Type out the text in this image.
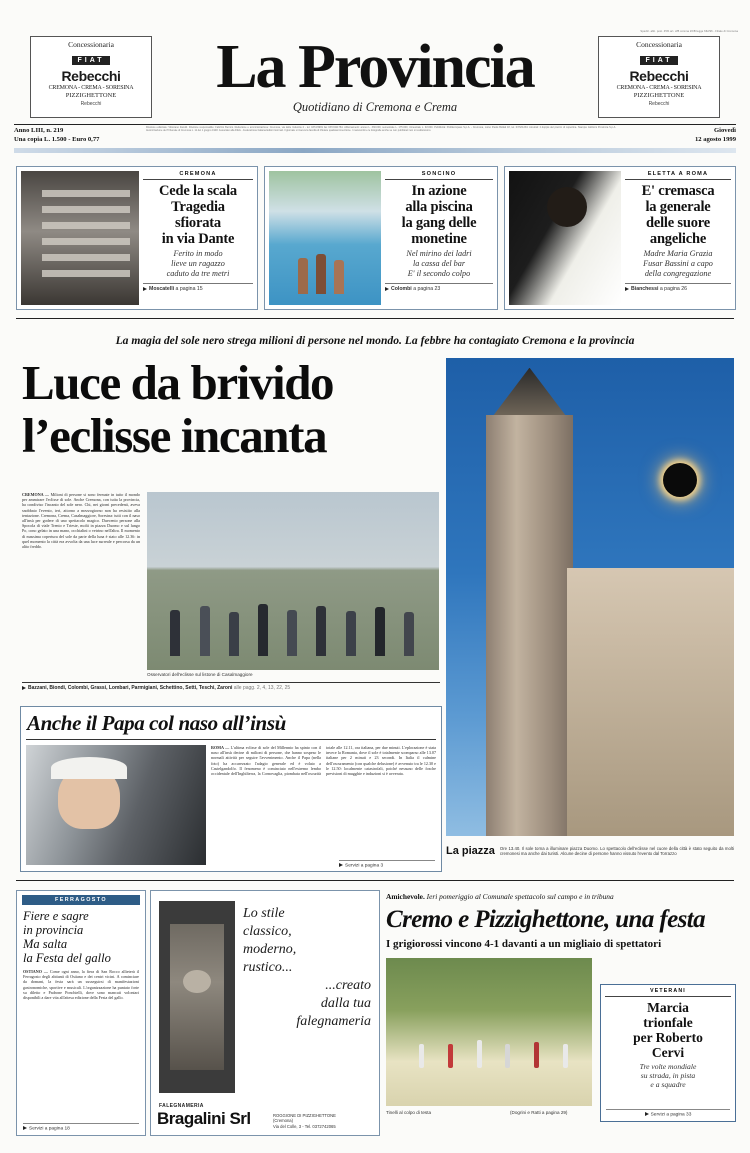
Spediz. abb. post. 45% art. 2/B comma 20/B legge 662/96 - Filiale di Cremona
Concessionaria
FIAT
Rebecchi
CREMONA - CREMA - SORESINA
PIZZIGHETTONE
Rebecchi
La Provincia
Quotidiano di Cremona e Crema
Concessionaria
FIAT
Rebecchi
CREMONA - CREMA - SORESINA
PIZZIGHETTONE
Rebecchi
Anno LIII, n. 219
Una copia L. 1.500 - Euro 0,77
Direttore editoriale: Vittoriano Zanolli. Direttore responsabile: Fabrizio Bernini. Redazione e amministrazione: Cremona, via delle Industrie 2 - tel. 0372/4981 fax 0372/411764. Abbonamenti: annuo L. 330.000, semestrale L. 175.000, trimestrale L. 92.000. Pubblicità: Publikompass S.p.A. - Cremona, corso Paolo Bollati 18, tel. 0372/1234. Arretrati: il doppio del prezzo di copertina. Stampa: Edizioni Provincia S.p.A. Autorizzazione del Tribunale di Cremona n. 11 del 1 giugno 1948. Associato alla FIEG - Federazione Italiana Editori Giornali. Il giornale si riserva la facoltà di rifiutare qualsiasi inserzione. I manoscritti e le fotografie anche se non pubblicati non si restituiscono.	Giovedì
12 agosto 1999
CREMONA
Cede la scala
Tragedia
sfiorata
in via Dante
Ferito in modo
lieve un ragazzo
caduto da tre metri
Moscatelli a pagina 15
SONCINO
In azione
alla piscina
la gang delle
monetine
Nel mirino dei ladri
la cassa del bar
E' il secondo colpo
Colombi a pagina 23
ELETTA A ROMA
E' cremasca
la generale
delle suore
angeliche
Madre Maria Grazia
Fusar Bassini a capo
della congregazione
Bianchessi a pagina 26
La magia del sole nero strega milioni di persone nel mondo. La febbre ha contagiato Cremona e la provincia
Luce da brivido
l’eclisse incanta
CREMONA — Milioni di persone si sono fermate in tutto il mondo per ammirare l'eclisse di sole. Anche Cremona, con tutta la provincia, ha condiviso l'incanto del sole nero. Chi, nei giorni precedenti, aveva snobbato l'evento, ieri, attorno a mezzogiorno non ha resistito alla tentazione. Cremona, Crema, Casalmaggiore, Soresina: tutti con il naso all'insù per godere di uno spettacolo magico. Duecento persone alla Spocola di viale Trento e Trieste, molti in piazza Duomo e sul lungo Po, cono gelato in una mano, occhialini o vetrino nell'altra. Il momento di massima copertura del sole da parte della luna è stato alle 12.36: in quel momento la città era avvolta da una luce surreale e percorsa da un alito freddo.
Osservatori dell'eclisse sul listone di Casalmaggiore
Bazzani, Biondi, Colombi, Grassi, Lombari, Parmigiani, Schettino, Setti, Teschi, Zaroni alle pagg. 2, 4, 13, 22, 25
Anche il Papa col naso all’insù
ROMA — L'ultima eclisse di sole del Millennio ha spinto con il naso all'insù decine di milioni di persone, che hanno sospeso le normali attività per seguire l'avvenimento. Anche il Papa (nella foto) ha accarezzato l'adagio generale ed è volato a Castelgandolfo. Il fenomeno è cominciato nell'estremo lembo occidentale dell'Inghilterra, la Cornovaglia, piombata nell'oscurità totale alle 12.11, ora italiana, per due minuti. L'eplorazione è stata invece la Romania, dove il sole è totalmente scomparso alle 13.07 italiane per 2 minuti e 23 secondi. In Italia il culmine dell'oscuramento (con qualche delusione) è avvenuto tra le 12.30 e le 12.50: localmente catastrofali, poiché nessuno delle fosche previsioni di mugghie e induzioni si è avverata.
Servizi a pagina 3
La piazza	Ore 13.40. Il sole torna a illuminare piazza Duomo. Lo spettacolo dell'eclisse nel cuore della città è stato seguito da molti cremonesi ma anche dai turisti. Alcune decine di persone hanno vissuto l'evento dal Torrazzo
FERRAGOSTO
Fiere e sagre
in provincia
Ma salta
la Festa del gallo
OSTIANO — Come ogni anno, la fiera di San Rocco allieterà il Ferragosto degli abitanti di Ostiano e dei centri vicini. A cominciare da domani, la festa sarà un susseguirsi di manifestazioni gastronomiche, sportive e musicali. L'organizzazione ha puntato forte su diletto e Padrone Ponchielli, dove sono mancati volontari disponibili a dare vita all'attesa edizione della Festa del gallo.
Servizi a pagina 18
Lo stile
classico,
moderno,
rustico...
...creato
dalla tua
falegnameria
FALEGNAMERIA
Bragalini Srl	ROGGIONE DI PIZZIGHETTONE
(Cremona)
Via del Colle, 3 - Tel. 0372742065
Amichevole. Ieri pomeriggio al Comunale spettacolo sul campo e in tribuna
Cremo e Pizzighettone, una festa
I grigiorossi vincono 4-1 davanti a un migliaio di spettatori
Tinelli al colpo di testa	(Dogrini e Ratti a pagina 29)
VETERANI
Marcia
trionfale
per Roberto
Cervi
Tre volte mondiale
su strada, in pista
e a squadre
Servizi a pagina 33
